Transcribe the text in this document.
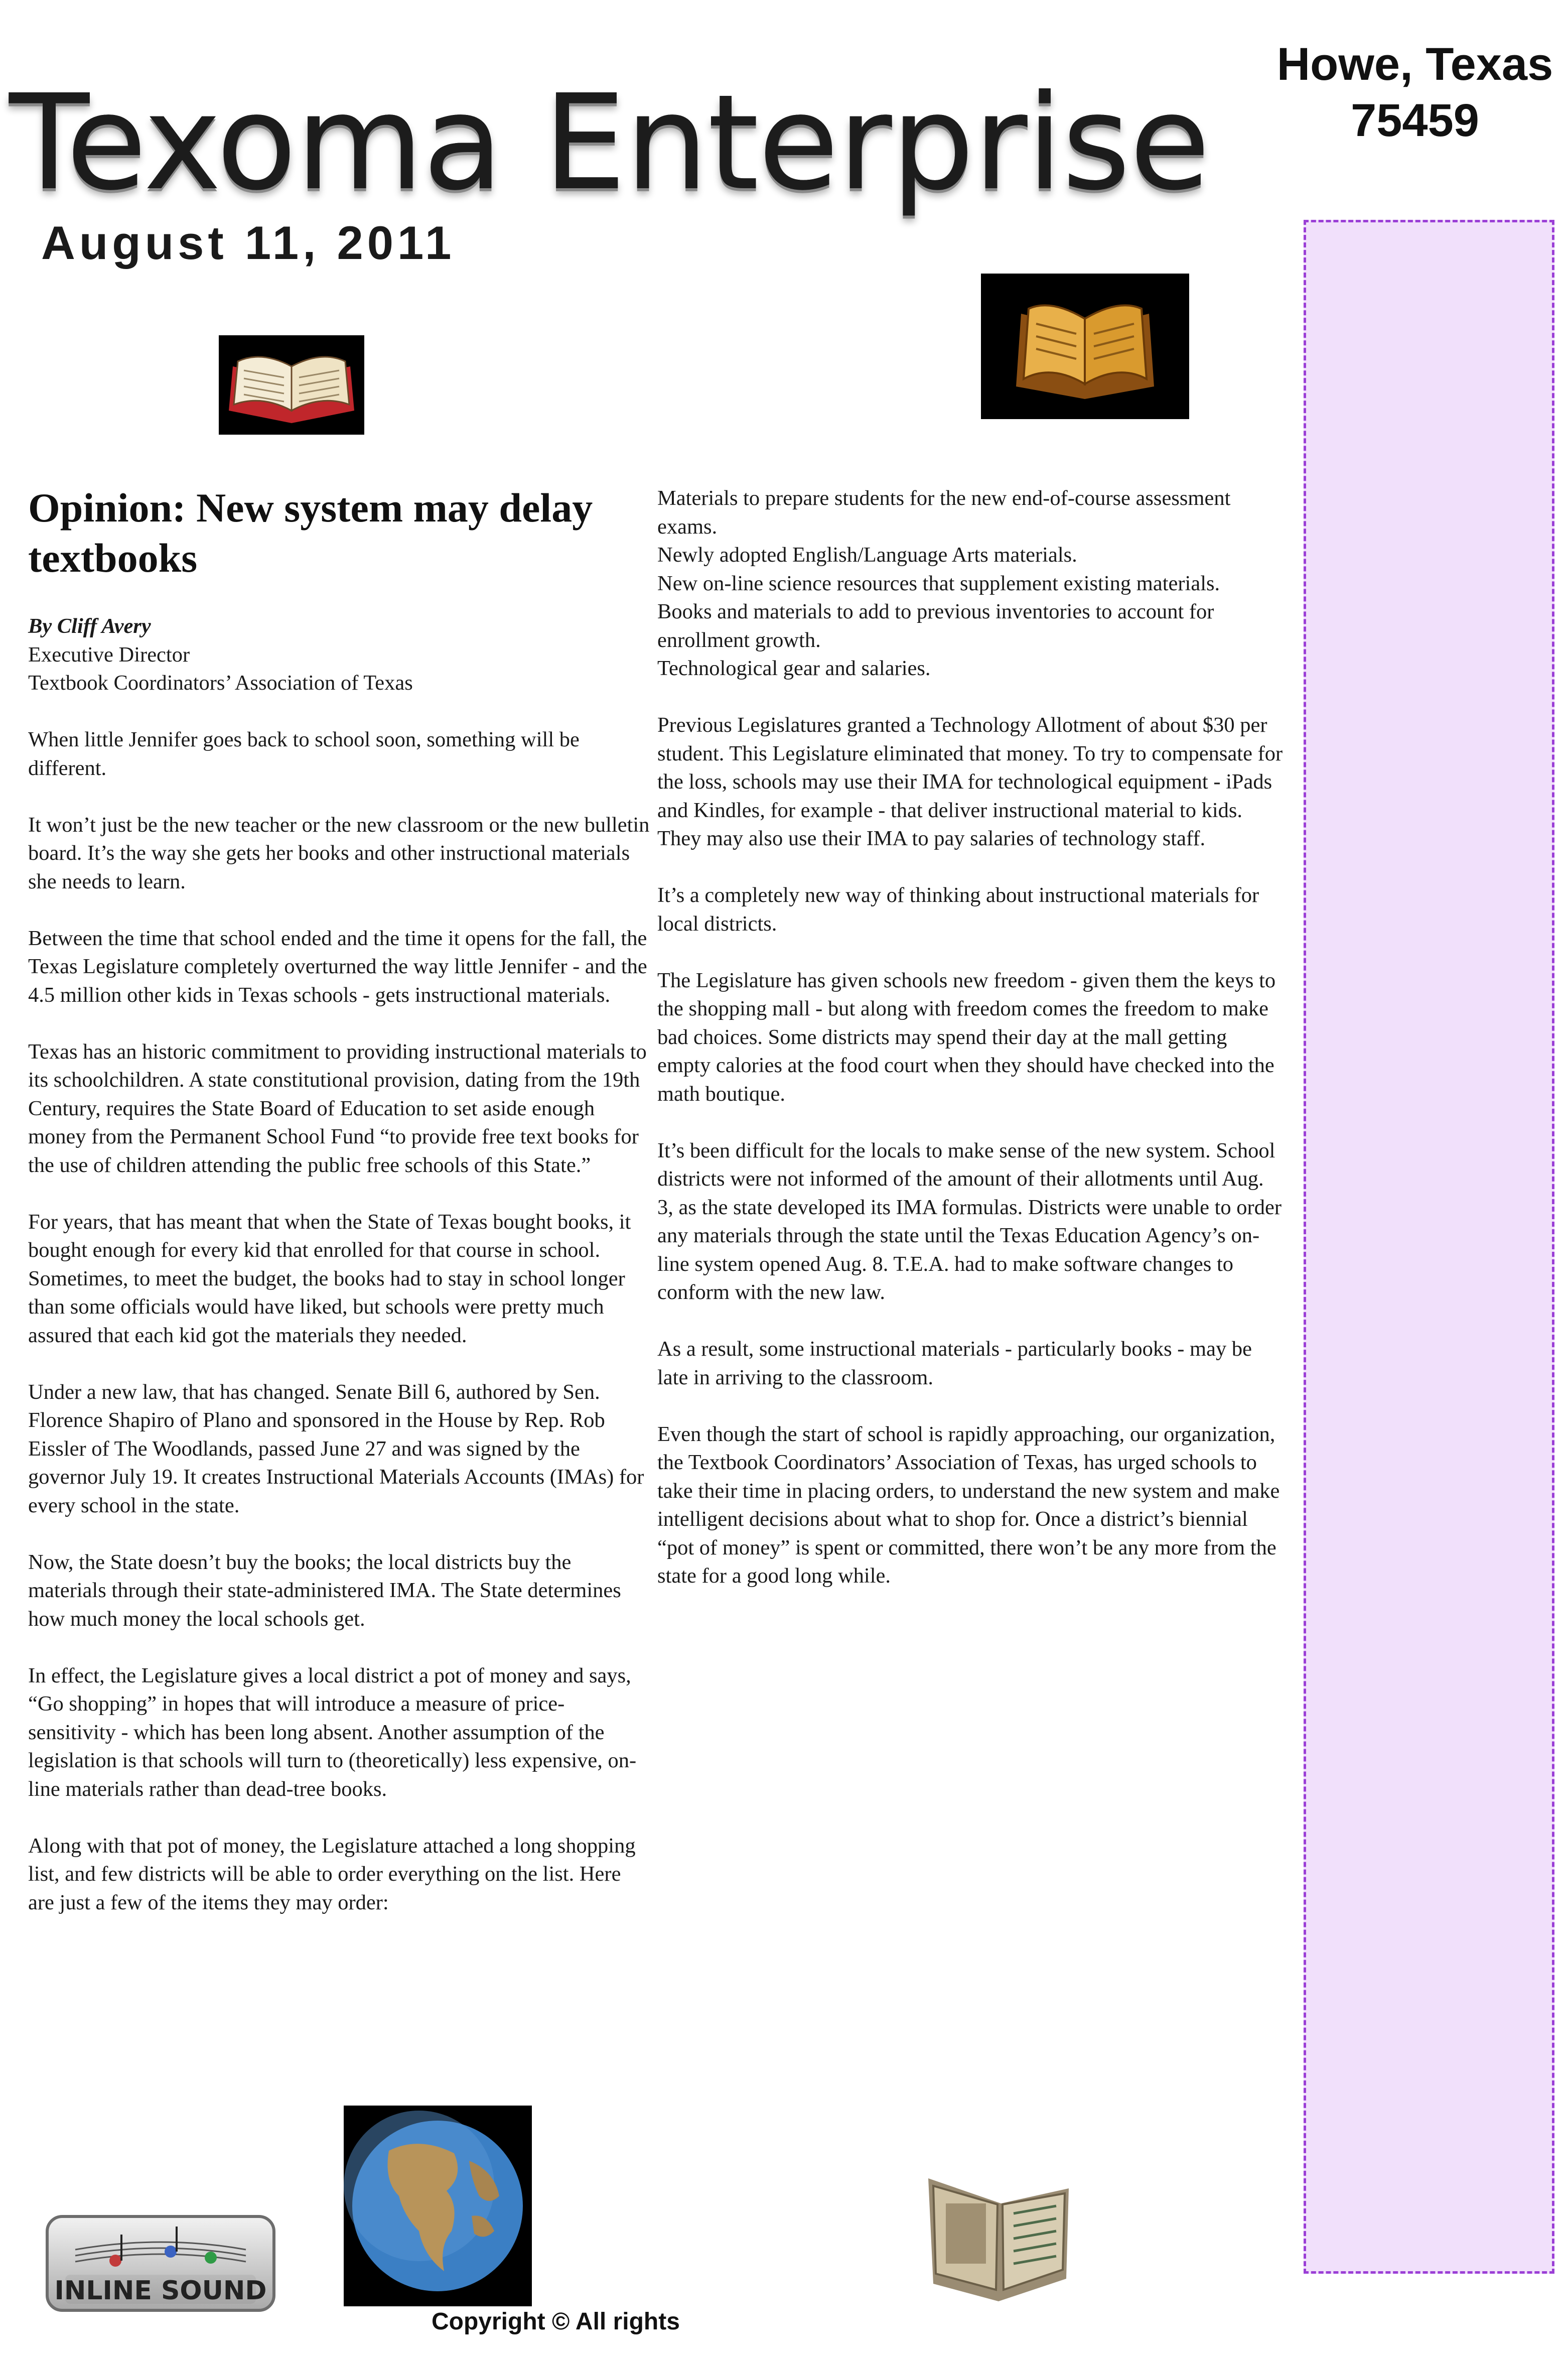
Texoma Enterprise
Howe, Texas
75459
August 11, 2011
INLINE SOUND
Opinion: New system may delay textbooks

By Cliff Avery
Executive Director
Textbook Coordinators’ Association of Texas

When little Jennifer goes back to school soon, something will be different.

It won’t just be the new teacher or the new classroom or the new bulletin board. It’s the way she gets her books and other instructional materials she needs to learn.

Between the time that school ended and the time it opens for the fall, the Texas Legislature completely overturned the way little Jennifer - and the 4.5 million other kids in Texas schools - gets instructional materials.

Texas has an historic commitment to providing instructional materials to its schoolchildren. A state constitutional provision, dating from the 19th Century, requires the State Board of Education to set aside enough money from the Permanent School Fund “to provide free text books for the use of children attending the public free schools of this State.”

For years, that has meant that when the State of Texas bought books, it bought enough for every kid that enrolled for that course in school. Sometimes, to meet the budget, the books had to stay in school longer than some officials would have liked, but schools were pretty much assured that each kid got the materials they needed.

Under a new law, that has changed. Senate Bill 6, authored by Sen. Florence Shapiro of Plano and sponsored in the House by Rep. Rob Eissler of The Woodlands, passed June 27 and was signed by the governor July 19. It creates Instructional Materials Accounts (IMAs) for every school in the state.

Now, the State doesn’t buy the books; the local districts buy the materials through their state-administered IMA. The State determines how much money the local schools get.

In effect, the Legislature gives a local district a pot of money and says, “Go shopping” in hopes that will introduce a measure of price-sensitivity - which has been long absent. Another assumption of the legislation is that schools will turn to (theoretically) less expensive, on-line materials rather than dead-tree books.

Along with that pot of money, the Legislature attached a long shopping list, and few districts will be able to order everything on the list. Here are just a few of the items they may order:

Materials to prepare students for the new end-of-course assessment exams.
Newly adopted English/Language Arts materials.
New on-line science resources that supplement existing materials.
Books and materials to add to previous inventories to account for enrollment growth.
Technological gear and salaries.

Previous Legislatures granted a Technology Allotment of about $30 per student. This Legislature eliminated that money. To try to compensate for the loss, schools may use their IMA for technological equipment - iPads and Kindles, for example - that deliver instructional material to kids. They may also use their IMA to pay salaries of technology staff.

It’s a completely new way of thinking about instructional materials for local districts.

The Legislature has given schools new freedom - given them the keys to the shopping mall - but along with freedom comes the freedom to make bad choices. Some districts may spend their day at the mall getting empty calories at the food court when they should have checked into the math boutique.

It’s been difficult for the locals to make sense of the new system. School districts were not informed of the amount of their allotments until Aug. 3, as the state developed its IMA formulas. Districts were unable to order any materials through the state until the Texas Education Agency’s on-line system opened Aug. 8. T.E.A. had to make software changes to conform with the new law.

As a result, some instructional materials - particularly books - may be late in arriving to the classroom.

Even though the start of school is rapidly approaching, our organization, the Textbook Coordinators’ Association of Texas, has urged schools to take their time in placing orders, to understand the new system and make intelligent decisions about what to shop for. Once a district’s biennial “pot of money” is spent or committed, there won’t be any more from the state for a good long while.

Copyright © All rights
